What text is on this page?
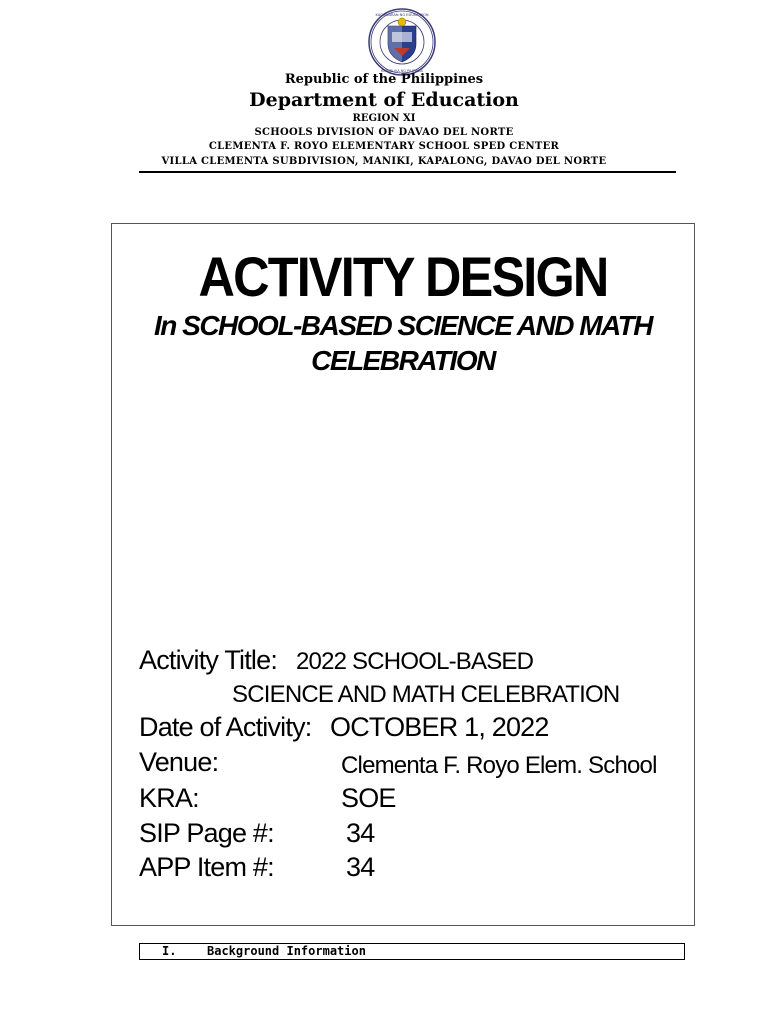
KAGAWARAN NG EDUKASYON
REPUBLIKA NG PILIPINAS
Republic of the Philippines
Department of Education
REGION XI
SCHOOLS DIVISION OF DAVAO DEL NORTE
CLEMENTA F. ROYO ELEMENTARY SCHOOL SPED CENTER
VILLA CLEMENTA SUBDIVISION, MANIKI, KAPALONG, DAVAO DEL NORTE
ACTIVITY DESIGN
In SCHOOL-BASED SCIENCE AND MATH
CELEBRATION
Activity Title: 2022 SCHOOL-BASED
SCIENCE AND MATH CELEBRATION
Date of Activity: OCTOBER 1, 2022
Venue:	Clementa F. Royo Elem. School
KRA:	SOE
SIP Page #:	34
APP Item #:	34
I.	Background Information
